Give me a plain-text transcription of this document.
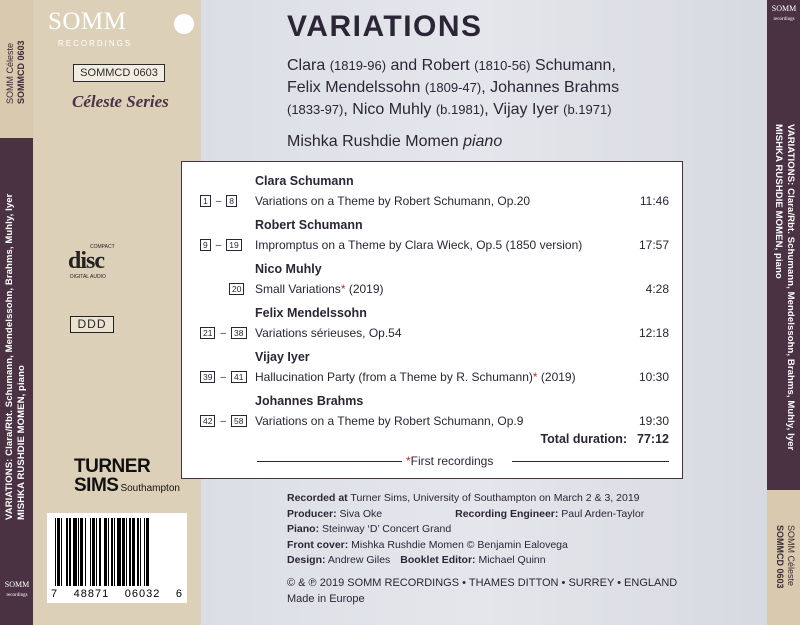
SOMM Céleste
SOMMCD 0603
VARIATIONS: Clara/Rbt. Schumann, Mendelssohn, Brahms, Muhly, Iyer
MISHKA RUSHDIE MOMEN, piano
SOMM
recordings
SOMM
recordings
VARIATIONS: Clara/Rbt. Schumann, Mendelssohn, Brahms, Muhly, Iyer
MISHKA RUSHDIE MOMEN, piano
SOMM Céleste
SOMMCD 0603
SOMM
RECORDINGS
SOMMCD 0603
Céleste Series
COMPACT
disc
DIGITAL AUDIO
DDD
TURNER
SIMS Southampton
7 48871 06032 6
VARIATIONS
Clara (1819-96) and Robert (1810-56) Schumann,
Felix Mendelssohn (1809-47), Johannes Brahms
(1833-97), Nico Muhly (b.1981), Vijay Iyer (b.1971)
Mishka Rushdie Momen piano
Total duration: 77:12
*First recordings
Clara Schumann
1 – 8 Variations on a Theme by Robert Schumann, Op.20	11:46
Robert Schumann
9 – 19 Impromptus on a Theme by Clara Wieck, Op.5 (1850 version)	17:57
Nico Muhly
20 Small Variations* (2019)	4:28
Felix Mendelssohn
21 – 38 Variations sérieuses, Op.54	12:18
Vijay Iyer
39 – 41 Hallucination Party (from a Theme by R. Schumann)* (2019)	10:30
Johannes Brahms
42 – 58 Variations on a Theme by Robert Schumann, Op.9	19:30
Recorded at Turner Sims, University of Southampton on March 2 & 3, 2019
Producer: Siva Oke	Recording Engineer: Paul Arden-Taylor
Piano: Steinway ‘D’ Concert Grand
Front cover: Mishka Rushdie Momen © Benjamin Ealovega
Design: Andrew Giles Booklet Editor: Michael Quinn
© & ℗ 2019 SOMM RECORDINGS • THAMES DITTON • SURREY • ENGLAND
Made in Europe
